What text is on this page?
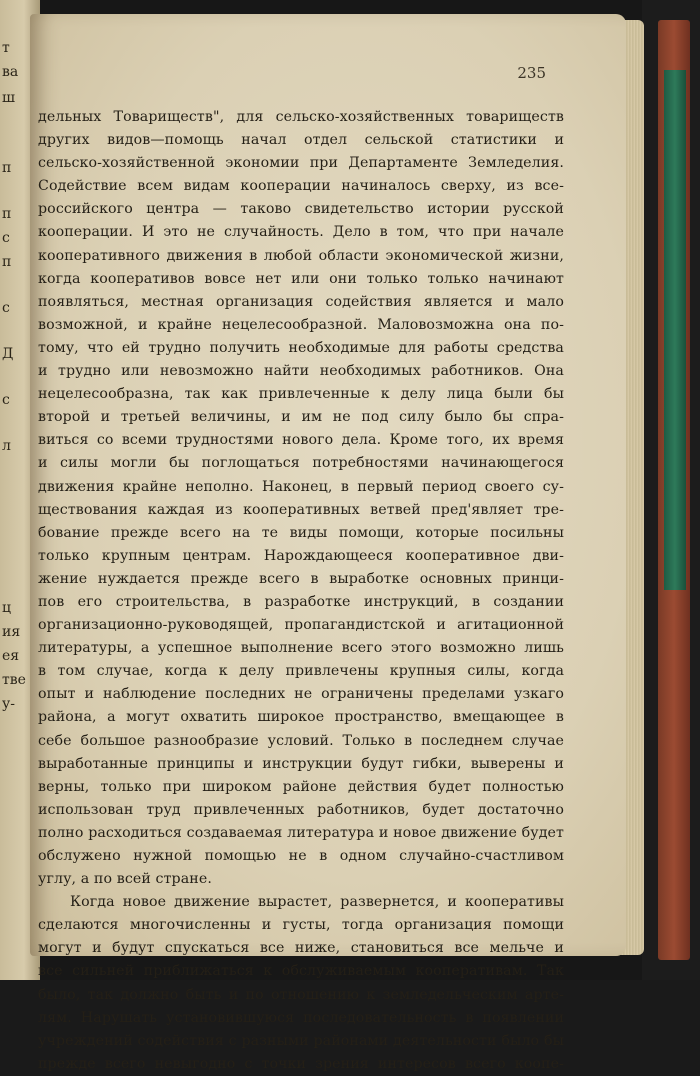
т
ва
ш
п
п
с
п
с
Д
с
л
ц
ия
ея
тве
у-
235
дельных Товариществ", для сельско-хозяйственных товариществ
других видов—помощь начал отдел сельской статистики и
сельско-хозяйственной экономии при Департаменте Земледелия.
Содействие всем видам кооперации начиналось сверху, из все-
российского центра — таково свидетельство истории русской
кооперации. И это не случайность. Дело в том, что при начале
кооперативного движения в любой области экономической жизни,
когда кооперативов вовсе нет или они только только начинают
появляться, местная организация содействия является и мало
возможной, и крайне нецелесообразной. Маловозможна она по-
тому, что ей трудно получить необходимые для работы средства
и трудно или невозможно найти необходимых работников. Она
нецелесообразна, так как привлеченные к делу лица были бы
второй и третьей величины, и им не под силу было бы спра-
виться со всеми трудностями нового дела. Кроме того, их время
и силы могли бы поглощаться потребностями начинающегося
движения крайне неполно. Наконец, в первый период своего су-
ществования каждая из кооперативных ветвей пред'являет тре-
бование прежде всего на те виды помощи, которые посильны
только крупным центрам. Нарождающееся кооперативное дви-
жение нуждается прежде всего в выработке основных принци-
пов его строительства, в разработке инструкций, в создании
организационно-руководящей, пропагандистской и агитационной
литературы, а успешное выполнение всего этого возможно лишь
в том случае, когда к делу привлечены крупныя силы, когда
опыт и наблюдение последних не ограничены пределами узкаго
района, а могут охватить широкое пространство, вмещающее в
себе большое разнообразие условий. Только в последнем случае
выработанные принципы и инструкции будут гибки, выверены и
верны, только при широком районе действия будет полностью
использован труд привлеченных работников, будет достаточно
полно расходиться создаваемая литература и новое движение будет
обслужено нужной помощью не в одном случайно-счастливом
углу, а по всей стране.
Когда новое движение вырастет, развернется, и кооперативы
сделаются многочисленны и густы, тогда организация помощи
могут и будут спускаться все ниже, становиться все мельче и
все сильней приближаться к обслуживаемым кооперативам. Так
было, так должно быть и по отношению к земледельческим арте-
лям. Нарушать установившуюся последовательность в появлении
учреждений содействия с разными районами деятельности было бы
прежде всего невыгодно с точки зрения интересов всего коопе-
